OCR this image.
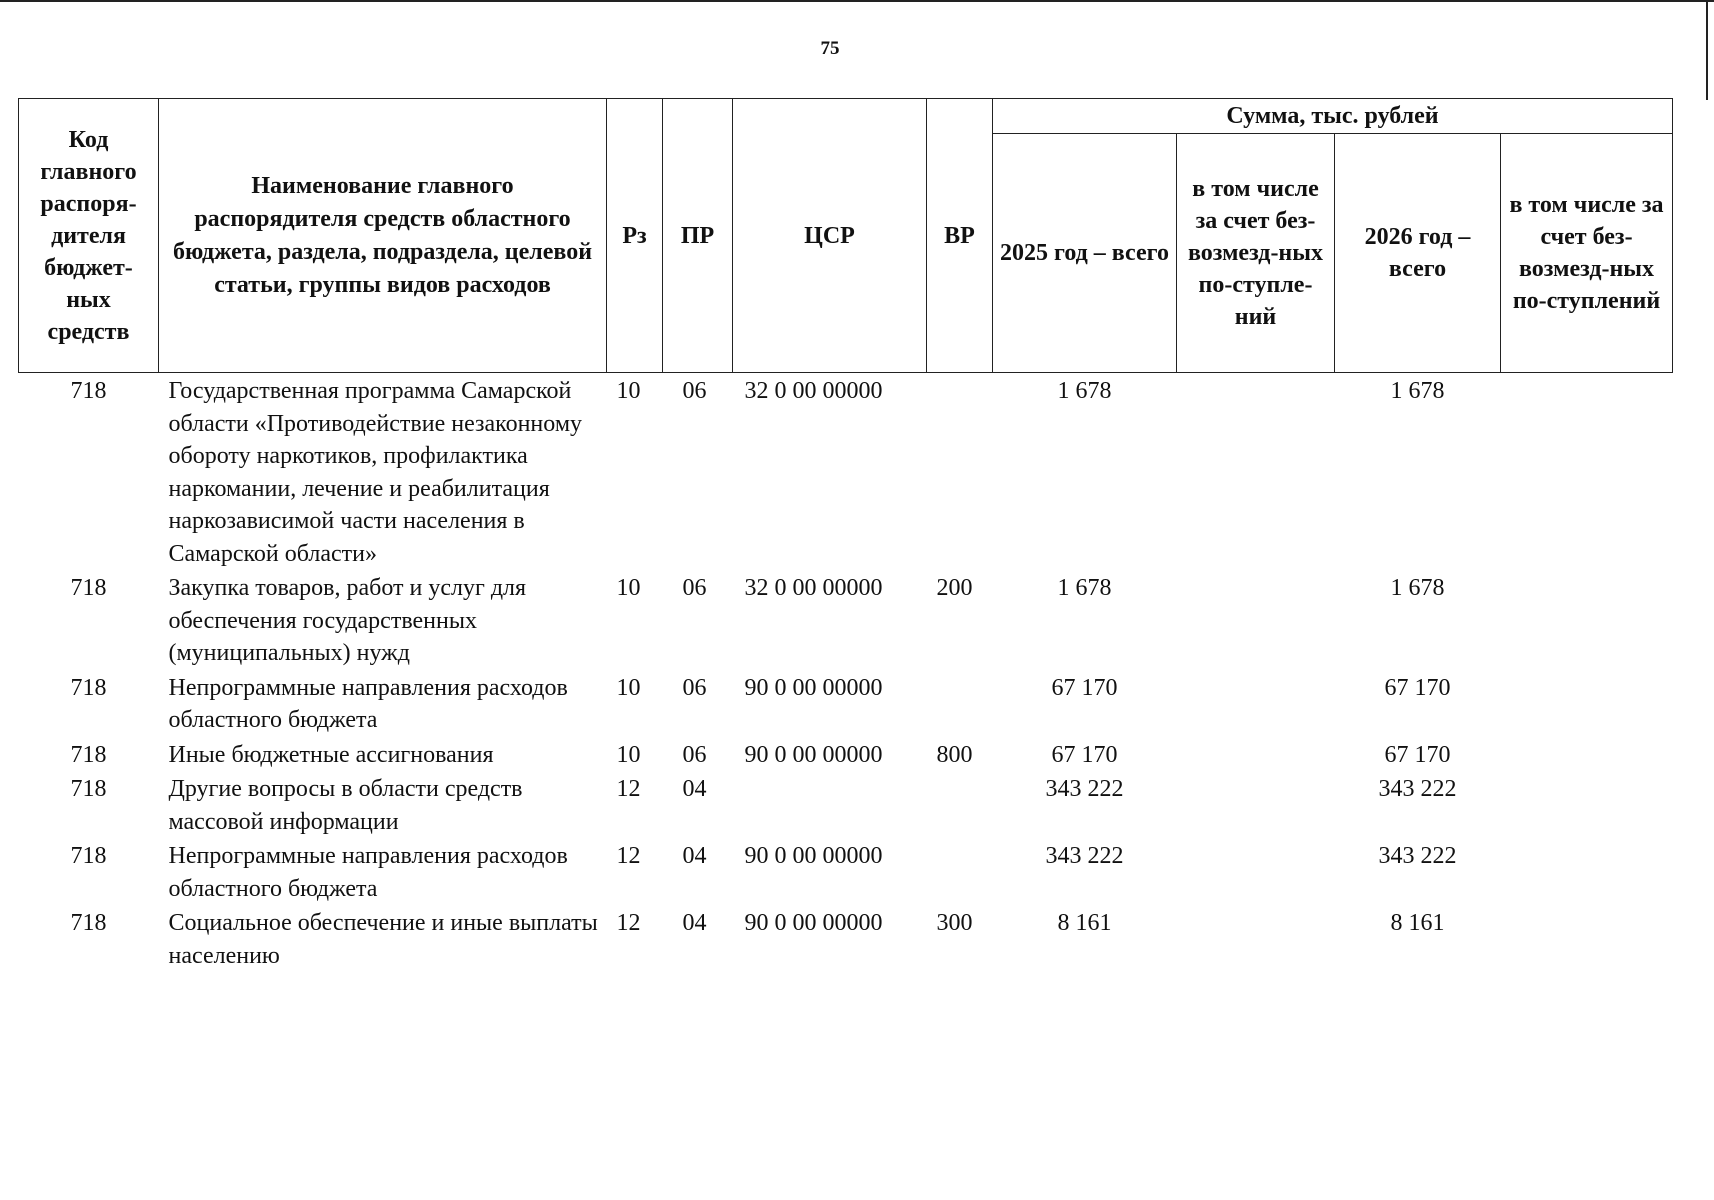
75
Код главного распоря-дителя бюджет-ных средств	Наименование главного распорядителя средств областного бюджета, раздела, подраздела, целевой статьи, группы видов расходов	Рз	ПР	ЦСР	ВР	Сумма, тыс. рублей			
						2025 год – всего	в том числе за счет без-возмезд-ных по-ступле-ний	2026 год – всего	в том числе за счет без-возмезд-ных по-ступлений
718	Государственная программа Самарской области «Противодействие незаконному обороту наркотиков, профилактика наркомании, лечение и реабилитация наркозависимой части населения в Самарской области»	10	06	32 0 00 00000		1 678		1 678	
718	Закупка товаров, работ и услуг для обеспечения государственных (муниципальных) нужд	10	06	32 0 00 00000	200	1 678		1 678	
718	Непрограммные направления расходов областного бюджета	10	06	90 0 00 00000		67 170		67 170	
718	Иные бюджетные ассигнования	10	06	90 0 00 00000	800	67 170		67 170	
718	Другие вопросы в области средств массовой информации	12	04			343 222		343 222	
718	Непрограммные направления расходов областного бюджета	12	04	90 0 00 00000		343 222		343 222	
718	Социальное обеспечение и иные выплаты населению	12	04	90 0 00 00000	300	8 161		8 161	
